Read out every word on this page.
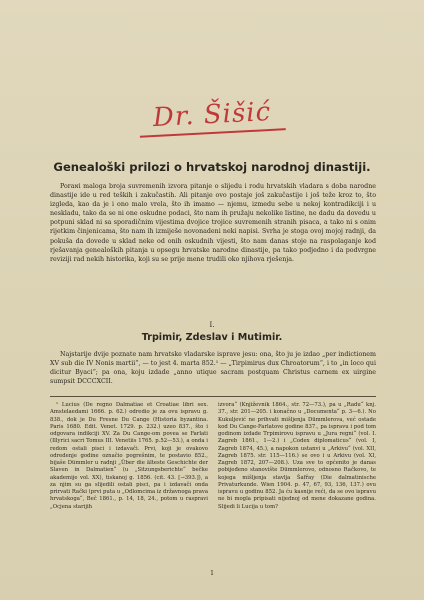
Dr. Šišić
Genealoški prilozi o hrvatskoj narodnoj dinastiji.
Poraɴi maloga broja suvremenih izvora pitanje o slijedu i rodu hrvatskih vladara s doba narodne dinastije ide u red teških i zakučastih. Ali pitanje ovo postaje još zakučastije i još teže kroz to, što izgleda, kao da je i ono malo vrela, što ih imamo — njemu, izmedu sebe u nekoj kontradikciji i u neskladu, tako da se ni one oskudne podaci, što nam ih pružaju nekolike listine, ne dadu da dovedu u potpuni sklad ni sa sporadičnim vijestima dvojice trojice suvremenih stranih pisaca, a tako ni s onim rijetkim činjenicama, što nam ih izmiješe novonadeni neki napisi. Svrha je stoga ovoj mojoj radnji, da pokuša da dovede u sklad neke od onih oskudnih vijesti, što nam danas stoje na raspolaganje kod rješavanja genealoških pitanja u opsegu hrvatske narodne dinastije, pa tako podjedno i da podvrgne reviziji rad nekih historika, koji su se prije mene trudili oko njihova rješenja.
I.
Trpimir, Zdeslav i Mutimir.
Najstarije dvije poznate nam hrvatske vladarske isprave jesu: ona, što ju je izdao „per indictionem XV sub die IV Nonis martii“, — to jest 4. marta 852.¹ — „Tirpimirus dux Chroatorum“, i to „in loco qui dicitur Byaci“; pa ona, koju izdade „anno utique sacram postquam Christus carnem ex uirgine sumpsit DCCCXCII.
¹ Lucius (De regno Dalmatiae et Croatiae libri sex. Amstelaedami 1666. p. 62.) odredio je za ovu ispravu g. 838., dok je Du Fresne Du Cange (Historia byzantina. Paris 1680. Edit. Venet. 1729. p. 232.) uzeo 837., što i odgovara indikciji XV. Za Du Cange-om povea se Farlati (Illyrici sacri Tomus III. Venetiis 1765. p.52—53.), a onda i redom ostali pisci i izdavači. Prvi, koji je ovakovo odredenje godine označio pogrešnim, te postavio 852., bijaše Dümmler u radnji „Über die älteste Geschichte der Slaven in Dalmatien“ (u „Sitzungsberichte“ bečke akademije vol. XX), tiskanoj g. 1856. (cit. 43. [→393.]), a za njim su ga slijedili ostali pisci, pa i izdavači onda prirvati Rački (prvi puta u „Odlomcima iz državnoga prava hrvatskoga“, Beč 1861., p. 14, 18, 24., potom u raspravi „Ocjena starijih
izvora“ (Književnik 1864., str. 72—73.), pa u „Radu“ knj. 37., str. 201—205. i konačno u „Documenta“ p. 3—6.). No Kukuljević ne prihvati mišljenja Dümmlerova, već ostade kod Du Cange-Farlatove godine 837., pa ispravu i pod tom godinom izdade Trpimirovu ispravu u „Jura regni“ (vol. I. Zagreb 1861., 1—2.) i „Codex diplomaticus“ (vol. I, Zagreb 1874, 45.), a napokon ustanvi u „Arkivu“ (vol. XII, Zagreb 1875. str. 115—116.) se ovo i u Arkivu (vol. XI, Zagreb 1872, 207—208.). Uza sve to općenito je danas pobijeđeno stanovište Dümmlerovo, odnosno Račkovo, te kojega mišljenja stavlja Šafřay (Die dalmatinische Privaturkunde. Wien 1904. p. 47, 67, 93, 136, 137.) ovu ispravu u godinu 852. Ja ću kasnije reći, da se ovo ispravu ne bi mogla pripisati nijednoj od mene dokazane godina. Slijedi li Lucija u tom?
1
